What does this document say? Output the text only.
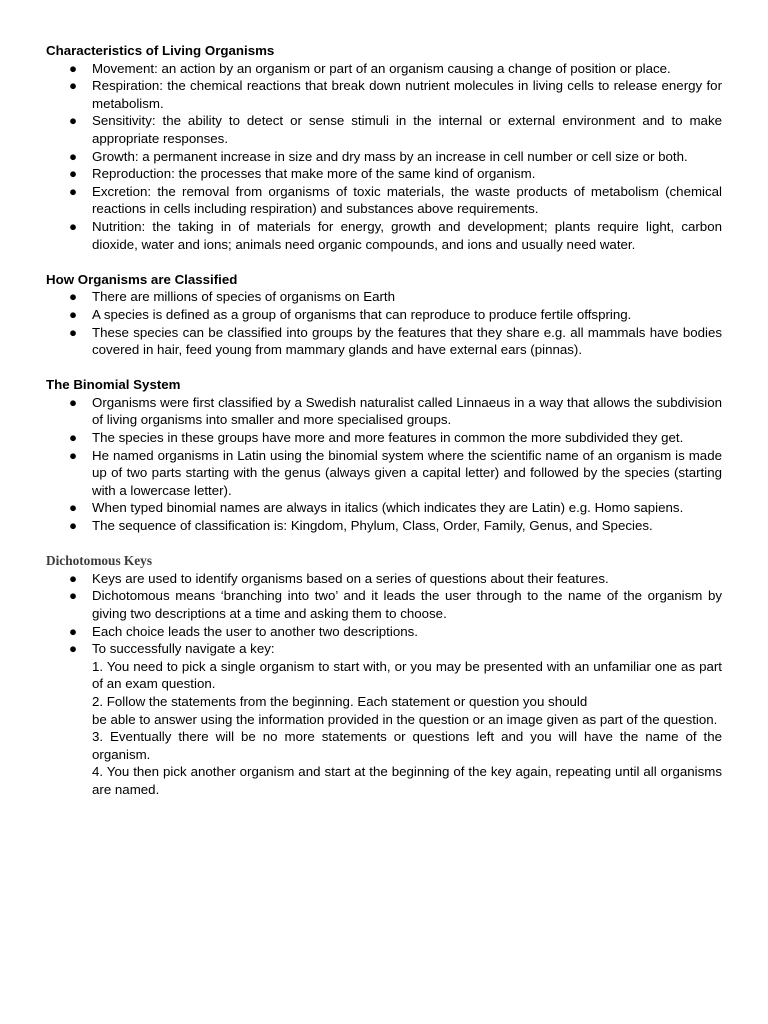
Characteristics of Living Organisms

● Movement: an action by an organism or part of an organism causing a change of position or place.
● Respiration: the chemical reactions that break down nutrient molecules in living cells to release energy for metabolism.
● Sensitivity: the ability to detect or sense stimuli in the internal or external environment and to make appropriate responses.
● Growth: a permanent increase in size and dry mass by an increase in cell number or cell size or both.
● Reproduction: the processes that make more of the same kind of organism.
● Excretion: the removal from organisms of toxic materials, the waste products of metabolism (chemical reactions in cells including respiration) and substances above requirements.
● Nutrition: the taking in of materials for energy, growth and development; plants require light, carbon dioxide, water and ions; animals need organic compounds, and ions and usually need water.

How Organisms are Classified

● There are millions of species of organisms on Earth
● A species is defined as a group of organisms that can reproduce to produce fertile offspring.
● These species can be classified into groups by the features that they share e.g. all mammals have bodies covered in hair, feed young from mammary glands and have external ears (pinnas).

The Binomial System

● Organisms were first classified by a Swedish naturalist called Linnaeus in a way that allows the subdivision of living organisms into smaller and more specialised groups.
● The species in these groups have more and more features in common the more subdivided they get.
● He named organisms in Latin using the binomial system where the scientific name of an organism is made up of two parts starting with the genus (always given a capital letter) and followed by the species (starting with a lowercase letter).
● When typed binomial names are always in italics (which indicates they are Latin) e.g. Homo sapiens.
● The sequence of classification is: Kingdom, Phylum, Class, Order, Family, Genus, and Species.

Dichotomous Keys

● Keys are used to identify organisms based on a series of questions about their features.
● Dichotomous means ‘branching into two’ and it leads the user through to the name of the organism by giving two descriptions at a time and asking them to choose.
● Each choice leads the user to another two descriptions.
● To successfully navigate a key:

1. You need to pick a single organism to start with, or you may be presented with an unfamiliar one as part of an exam question.

2. Follow the statements from the beginning. Each statement or question you should

be able to answer using the information provided in the question or an image given as part of the question.

3. Eventually there will be no more statements or questions left and you will have the name of the organism.

4. You then pick another organism and start at the beginning of the key again, repeating until all organisms are named.
